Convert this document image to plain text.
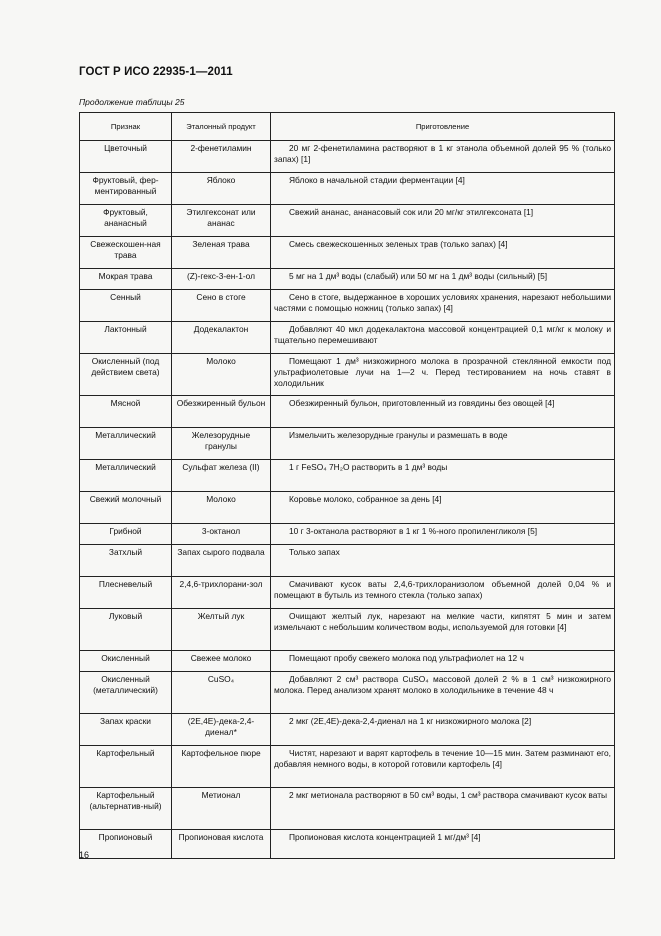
ГОСТ Р ИСО 22935-1—2011
Продолжение таблицы 25
Признак	Эталонный продукт	Приготовление
Цветочный	2-фенетиламин	20 мг 2-фенетиламина растворяют в 1 кг этанола объемной долей 95 % (только запах) [1]
Фруктовый, фер-ментированный	Яблоко	Яблоко в начальной стадии ферментации [4]
Фруктовый, ананасный	Этилгексонат или ананас	Свежий ананас, ананасовый сок или 20 мг/кг этилгексоната [1]
Свежескошен-ная трава	Зеленая трава	Смесь свежескошенных зеленых трав (только запах) [4]
Мокрая трава	(Z)-гекс-3-ен-1-ол	5 мг на 1 дм³ воды (слабый) или 50 мг на 1 дм³ воды (сильный) [5]
Сенный	Сено в стоге	Сено в стоге, выдержанное в хороших условиях хранения, нарезают небольшими частями с помощью ножниц (только запах) [4]
Лактонный	Додекалактон	Добавляют 40 мкл додекалактона массовой концентрацией 0,1 мг/кг к молоку и тщательно перемешивают
Окисленный (под действием света)	Молоко	Помещают 1 дм³ низкожирного молока в прозрачной стеклянной емкости под ультрафиолетовые лучи на 1—2 ч. Перед тестированием на ночь ставят в холодильник
Мясной	Обезжиренный бульон	Обезжиренный бульон, приготовленный из говядины без овощей [4]
Металлический	Железорудные гранулы	Измельчить железорудные гранулы и размешать в воде
Металлический	Сульфат железа (II)	1 г FeSO₄ 7H₂O растворить в 1 дм³ воды
Свежий молочный	Молоко	Коровье молоко, собранное за день [4]
Грибной	3-октанол	10 г 3-октанола растворяют в 1 кг 1 %-ного пропиленгликоля [5]
Затхлый	Запах сырого подвала	Только запах
Плесневелый	2,4,6-трихлорани-зол	Смачивают кусок ваты 2,4,6-трихлоранизолом объемной долей 0,04 % и помещают в бутыль из темного стекла (только запах)
Луковый	Желтый лук	Очищают желтый лук, нарезают на мелкие части, кипятят 5 мин и затем измельчают с небольшим количеством воды, используемой для готовки [4]
Окисленный	Свежее молоко	Помещают пробу свежего молока под ультрафиолет на 12 ч
Окисленный (металлический)	CuSO₄	Добавляют 2 см³ раствора CuSO₄ массовой долей 2 % в 1 см³ низкожирного молока. Перед анализом хранят молоко в холодильнике в течение 48 ч
Запах краски	(2E,4E)-дека-2,4-диенал*	2 мкг (2E,4E)-дека-2,4-диенал на 1 кг низкожирного молока [2]
Картофельный	Картофельное пюре	Чистят, нарезают и варят картофель в течение 10—15 мин. Затем разминают его, добавляя немного воды, в которой готовили картофель [4]
Картофельный (альтернатив-ный)	Метионал	2 мкг метионала растворяют в 50 см³ воды, 1 см³ раствора смачивают кусок ваты
Пропионовый	Пропионовая кислота	Пропионовая кислота концентрацией 1 мг/дм³ [4]
16
